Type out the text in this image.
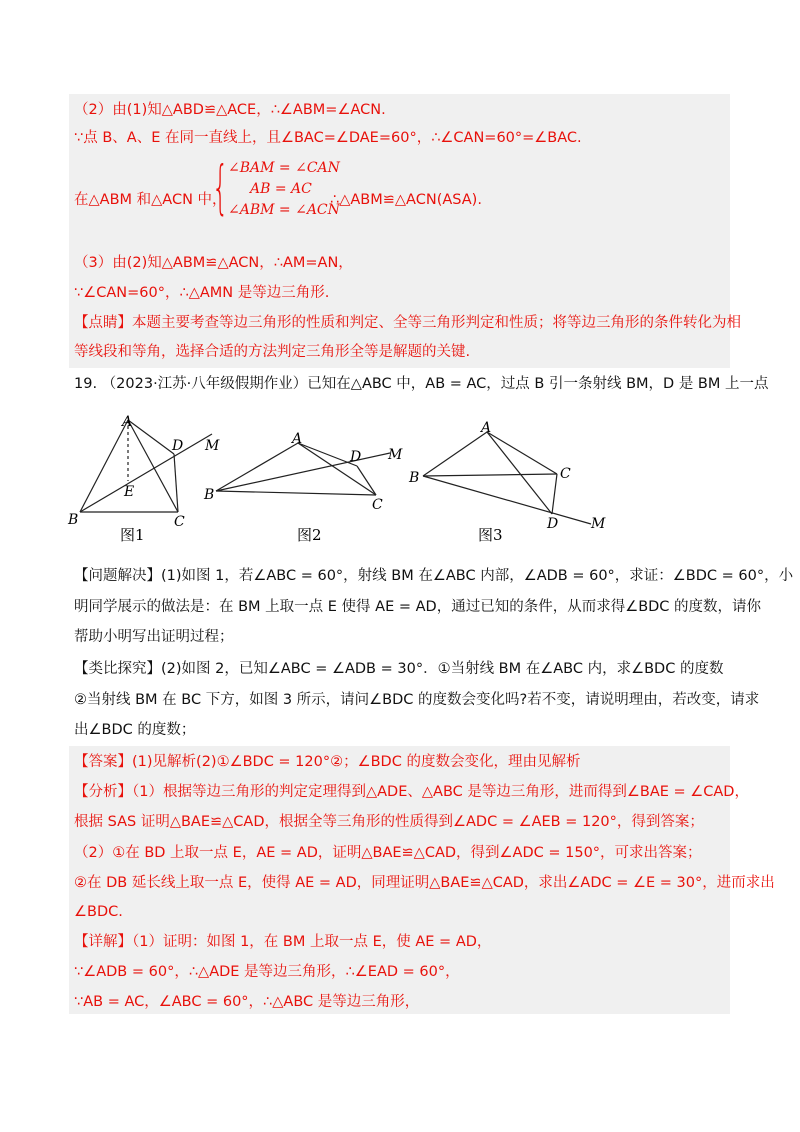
（2）由(1)知△ABD≌△ACE，∴∠ABM=∠ACN.
∵点 B、A、E 在同一直线上，且∠BAC=∠DAE=60°，∴∠CAN=60°=∠BAC.
在△ABM 和△ACN 中，
{ ∠BAM = ∠CAN
AB = AC
∠ABM = ∠ACN
∴△ABM≌△ACN(ASA).
（3）由(2)知△ABM≌△ACN，∴AM=AN，
∵∠CAN=60°，∴△AMN 是等边三角形.
【点睛】本题主要考查等边三角形的性质和判定、全等三角形判定和性质；将等边三角形的条件转化为相
等线段和等角，选择合适的方法判定三角形全等是解题的关键.
19. （2023·江苏·八年级假期作业）已知在△ABC 中，AB = AC，过点 B 引一条射线 BM，D 是 BM 上一点
A
B	C
D
E
M
图1
A
B
C
D M
图2
A
B	C
D M
图3
【问题解决】(1)如图 1，若∠ABC = 60°，射线 BM 在∠ABC 内部，∠ADB = 60°，求证：∠BDC = 60°，小
明同学展示的做法是：在 BM 上取一点 E 使得 AE = AD，通过已知的条件，从而求得∠BDC 的度数，请你
帮助小明写出证明过程；
【类比探究】(2)如图 2，已知∠ABC = ∠ADB = 30°．①当射线 BM 在∠ABC 内，求∠BDC 的度数
②当射线 BM 在 BC 下方，如图 3 所示，请问∠BDC 的度数会变化吗?若不变，请说明理由，若改变，请求
出∠BDC 的度数；
【答案】(1)见解析(2)①∠BDC = 120°②；∠BDC 的度数会变化，理由见解析
【分析】（1）根据等边三角形的判定定理得到△ADE、△ABC 是等边三角形，进而得到∠BAE = ∠CAD，
根据 SAS 证明△BAE≌△CAD，根据全等三角形的性质得到∠ADC = ∠AEB = 120°，得到答案；
（2）①在 BD 上取一点 E，AE = AD，证明△BAE≌△CAD，得到∠ADC = 150°，可求出答案；
②在 DB 延长线上取一点 E，使得 AE = AD，同理证明△BAE≌△CAD，求出∠ADC = ∠E = 30°，进而求出
∠BDC.
【详解】（1）证明：如图 1，在 BM 上取一点 E，使 AE = AD，
∵∠ADB = 60°，∴△ADE 是等边三角形，∴∠EAD = 60°，
∵AB = AC，∠ABC = 60°，∴△ABC 是等边三角形，
